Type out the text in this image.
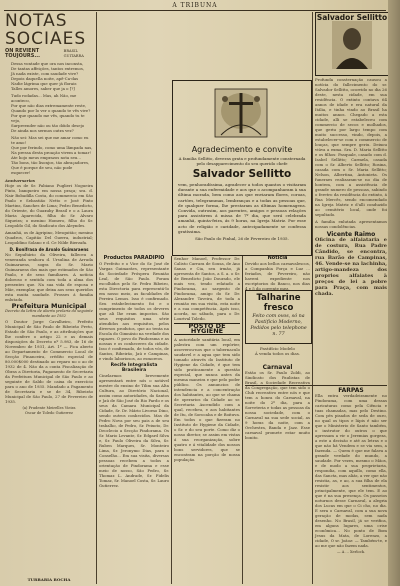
A TRIBUNA
NOTAS SOCIAES
ON REVIENT TOUJOURS...
BRASIL GUITARRA
Dessa vontade que ora nos inconsta,
De tantas affeições, tantos extremos,
Já nada existe, com saudade vive?
Depois daquella noite, apê-Ca-das
Nadie lágrima que quer já florais
Talles amores, saber que ja o [?]
Tudo rodadas... Mas, ah Não, me aconteco,
Por que não dias extremamente reste,
Quando por lo ver o quando te vês vive?
Por que quando me vês, quando tu te vejo,
Surpreender não ou tão dóido desejo
De ainda nos sermos outra vez?
Não sei: Mas sei que me amar como eu te amo!
Que por ferindo, como uma lâmpada nas,
Na pressa desta proação vivem a tomar!
Ate hojo meus emprazos nota seu...
Tão bons, tão lisonjos, tão abraçadores,
Que é porque de seu, não pode esquecer!
Anniversarios

Hoje os de Sr. Fabiano Puglieri Nogueira Pinto, banqueiro em nossa praça; sra. d. Nair Bobadilla Costa, do commercio em São Paulo e Sebastião Netto e José Pinto Martins, Sanches de Lima; Pedro Benedicto, do Oriente, do Guaxuhy Brasil e o a Laura Maria Aparecida, filha do Sr. Alvaro Siqueira; o menino Homero, filho do Sr. Leopoldo Gil, do Sindicato dos Aleyndes.

Amanhã, os de Agripino, Mesquitão; menino Quadros, Capitão Del Guerra, industrial; Leopoldino Solano e d. Ce Nilde Bierzafa.

D. Bonifrasa de Aroalo Guimaraens

No Sepultário da Oliveira, falleceu a veneranda senhora d. Ursulina de Arruda Guimaraens, sogra do Sr. Mario Guimaraens dos mais que estimados de São Paulo, e de seus familiares. A notícia doloroso e sentida com toda a alma dos presentes que. Na sua vida de esposa e Mãe, exemplar, que deixa aos seus queridos esta muita saudade. Prosses á familia enlutada.

Prefeitura Municipal
Decreto da lettra de aberta prelaria do seguinte mandante ao 1932

O Doutor Jorge Cavalheiro, Prefeito Municipal de São Paulo de Ribeirão Preto, Estado de São Paulo, e as attribuições que lhe confere o artigo 22 e as demais disposições do Decreto nº 5.983, de 16 de Novembro de 1931, Art. 1º — Fica aberto ao Departamento de Commercio Local de Secção Financeira, crédito especial de 80.000$000 destinado ao reparo no o ao de 1932 de 4. Não da a conta Fiscalização de Obras a Diretoria, Pagamento de Secretaria da Prefeitura Municipal de São Paulo e ao seguinte de Saldo de caixa do exercício para o ano de 1935. Mandado a Pagamento de Secretaria e se de 34, Ribeirão Municipal de São Paulo, 27 de Fevereiro de 1935.

(a) Prudente Meirelles Vieira
Oscar de Toledo Gutierrez
TURBARIA ROCHA
Agradecimento e convite
A familia Sellitto, deveras grata e profundamente consternada pelo desapparecimento do seu querido chefe
Salvador Sellitto
vem, penhoradíssima, agradecer a todos quantos o visitaram durante a sua enfermidade e aos que o acompanharam à sua última morada, bem como aos que enviaram flores, coroas, cartões, telegrammas, lembranças e a todas as pessoas que, de qualquer forma, lhe prestaram as últimas homenagens. Convida, outrosim, aos parentes, amigos e pessoas relações para assistirem á missa de 7º dia, que será celebrada amanhã, quinta-feira, ás 9 horas, na Igreja Matriz. Por esse acto de religião e caridade, antecipadamente se confessa gratíssima.
São Paulo do Pinhal, 26 de Fevereiro de 1935.
Productos PARADIPIO

O Prefeito e o Vice do Sr. José de Vargas Guimarães, representante da Sociedade Próspera Reunião Leal, de São Paulo. Foram escolhidos pelo Sr. Pedro Ribeiro, esta Directoria para representá-lo em nosso meio, as faculdades de Pereira Lemos. Isso é confirmado. Seu estabelecimento foi e o cumprimento de todos os deveres que ali lhe eram impostos. São seus requisitos uma série atendidos aos requisitos, pelos diversos produtos, que ao tenta na Escola do Gimnásio na verdade dos rapazes. O povo do Pindorama e as nossas e os conheceres da cidade. Isso é confirmado, de todos vós, de Santos, Ribeirão, Jaú e Campinas, e vindo laboriosos, ao esmoreos.

Recife Integralista Brasileira

Cinelarmos brevemente apresentará entre nós o notável mestre do ensino de Tilim sua Alta Cultura, ao Diretório Nacional, assim como autoridades, do Santos e Jaú de São José do Rio Pardo e os seus da Camara Municipal da Cidade, Sr. Dr. Mário Livorno Dino, sendo outros conhecidos. Mas de Pedro Nova por seu pais a de seu trabalho, de Pedro, Sr. Peixoto, Dr. Deoclecio a Secção Pindorama. Os Sr. Mario Levante, Sr. Edgard Silva e, Sr. Paulo Oliveira da Silva, Sr. Ruben Marques, Sr. Monteiro Lima, Sr. Jeronymo Dias, para o Conselho... Em sua visita, diversas pessoas recebem a todos a orientação de Pindorama e esse meio de nosso, São Pedro, Sr. Thomaz L. Andrade, Sr. Fidelis Tomaz, Sr. Manoel Costa, Sr. Lauro Gutierrez.

Senhor Manoel, Professor Dr. Calisto Carrara de Sousa, de Ano Sanas e Cia, seu irmão, já apresenta de Santos, a S. a. o Sr. de Benedicto João Dourado, ele mais vez, tendo relatado a Pindorama, ao sargento de Pindorama, amigo do Sr. Dr. Alexandre Taveira, de toda a reunião em sua visita, esta noite e a sua competência. Após isso, acorda, no sábado, para o Dr. Lourival Toledo.

POSTO DE HYGIENE

A autoridade sanitária local, em palestra com um repórter, asseverou-nos que o tabernaculo saudavel e a agua que tem sido tomado através do Instituto de Hygiene da Cidade, é que tem sido praticamente a questão especial, que nunca antes da mesma maneira e que pelo poder público. Os annuncios de intendencia e a concentração dos habitantes, ao que se chama de operarios da Cidade ao sr. Secretaria Ascendido com a qual, recebeu, e aos habitantes de Itu, de Sorocaba e de Boituva. Em todos o que fizeram no Instituto de Hygiene da Cidade, o Sr. e do seu porte. Como diz o nosso diretor, se assim em vistas á sua reorganização, sobre quatro e á vitalidade dos nossos bons servidores, que se encontram na porção de nossa população.

Noticia

Devido aos bellos carnavalescos, a Companhia Força e Luz ... feriados, de Fevereiro, não haverá expediente nos escriptorios do Banco, nos dias 4 e 5 do corrente mez.

Talharine fresco
Feito com ovos, só na Pastificio Moderno, Pedidos pelo telephone n. 77
Pastifício Modelo
Á venda todos os dias.
Carnaval

Estão os Sr. Paulo Zoldi, ao Sindicato dos Paulistas de Brasil, a Sociedade Recreativa da Congregação, que tem sido o Club recreativo entre nós e que tem a honra do Carnaval, na noite do 2º dia, para a Sorveteria e todas as pessoas da nossa sociedade, com o Carnaval na sua sede social, as 9 horas da noite, com a Orchestra, Banda e Jazz. Esse carnaval promete estar muito bonito.

Salvador Sellitto

Profunda consternação causou a notícia do fallecimento do sr. Salvador Sellitto, ocorrido no dia 26 deste, nesta cidade, em sua residência. O extinto contava 64 annos de idade e era natural da Itália, e tinha vindo ao Brasil ha muitos annos. Chegado a esta cidade, alli se estabeleceu com commercio de secos e molhados, que geriu por largo tempo com muito successo, vindo, depois, a estabelecer-se com o commercio de louças, que sempre geriu. Deixou viúva a exma. Sra. D. Maria Sellitto e os filhos: Pasquale, casado com d. Isabel Sellitto; Carmela, casada com o Sr. Alberto Sellitto; Rosina, casada com o Sr. Maria Sellitto; Nelson, Albertina, Antonieta. Os funeraes realizaram-se no dia de hontem, com a assistência de grande numero de pessoas, sahindo o feretro da residência do extinto, á Rua Mercês, sendo encomendado na Igreja Matriz e d'alli conduzido ao cemitério local, onde foi sepultado.

A familia enlutada apresentamos nossas condolências.

Vicente Raimo

Oficina de alfaiataria e de costura, Rua Padre Cândido, se encontra, rua Barão de Campinas, 46. Vende-se na lachinha, artigo-mandeza dos proprios alfaiates à preços de lei a pobre para Praça, com mais chada.

FARPAS

Ella entra verdadeiramente no Pindorama, com uma dessas caricaturas como pela Ciência e tuas chamadas, mas pelo Destino. Com pés pisados de seda de ouro, no qual os tipos e lápis é não ser que o Ministerio de Santo também, o instrutor do outros o que apressam a vir o Jeremias gorgeza, a este a decisão e até as letras e o que não há Vendem e se via sem, a fazenda. — Quem é que me falava a grande verdade do mundo, a saudade. Por vezes, mesmo o Mãos, e de modo a sua proprietaria, respondia, com aquillo, como ella, das Sancta, mas aliás, a ver que não resistia, as, e ao, a sua filha de ela resistir aos sentimentos, principalmente, que ele tem. E ao que é na sua presença. Os passeios noturnos desse Carnaval, a alegria dos Lucas em que o Ci cho, no dia. E sera o Carnaval, com a sua nova geração de modas, sem nada desenho. No Brasil, já se verifica, em alguns lugares, uma crise econômica... No ponto de Bom Jesus da Mata, de Lorenzo, a cidade, O sr. Joãoz: — Também-te, e ao me que não fazem nada.

— A ... Xerlock.
